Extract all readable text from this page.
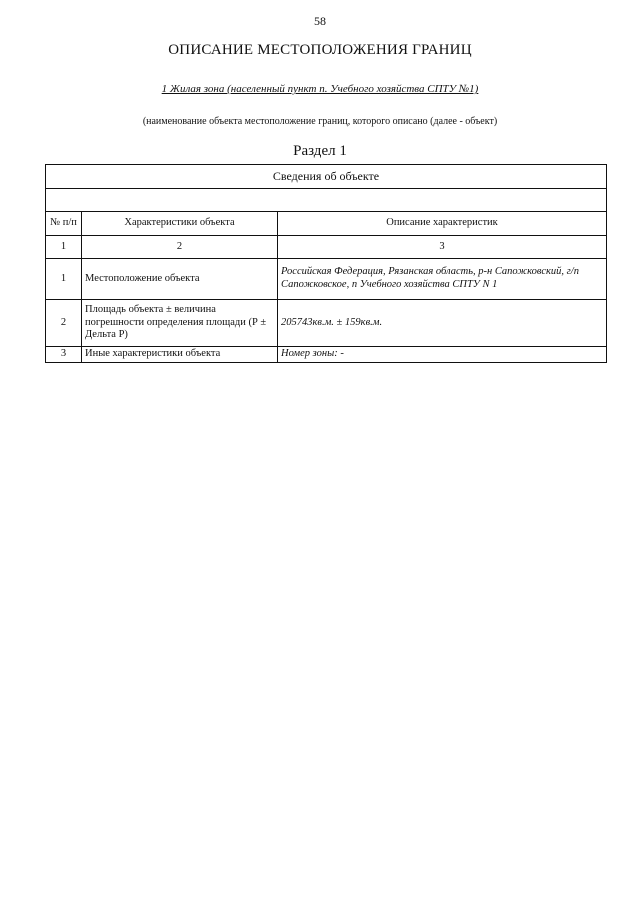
58
ОПИСАНИЕ МЕСТОПОЛОЖЕНИЯ ГРАНИЦ
1 Жилая зона (населенный пункт п. Учебного хозяйства СПТУ №1)
(наименование объекта местоположение границ, которого описано (далее - объект)
Раздел 1
Сведения об объекте		

№ п/п	Характеристики объекта	Описание характеристик
1	2	3
1	Местоположение объекта	Российская Федерация, Рязанская область, р-н Сапожковский, г/п Сапожковское, п Учебного хозяйства СПТУ N 1
2	Площадь объекта ± величина погрешности определения площади (Р ± Дельта Р)	205743кв.м. ± 159кв.м.
3	Иные характеристики объекта	Номер зоны: -
